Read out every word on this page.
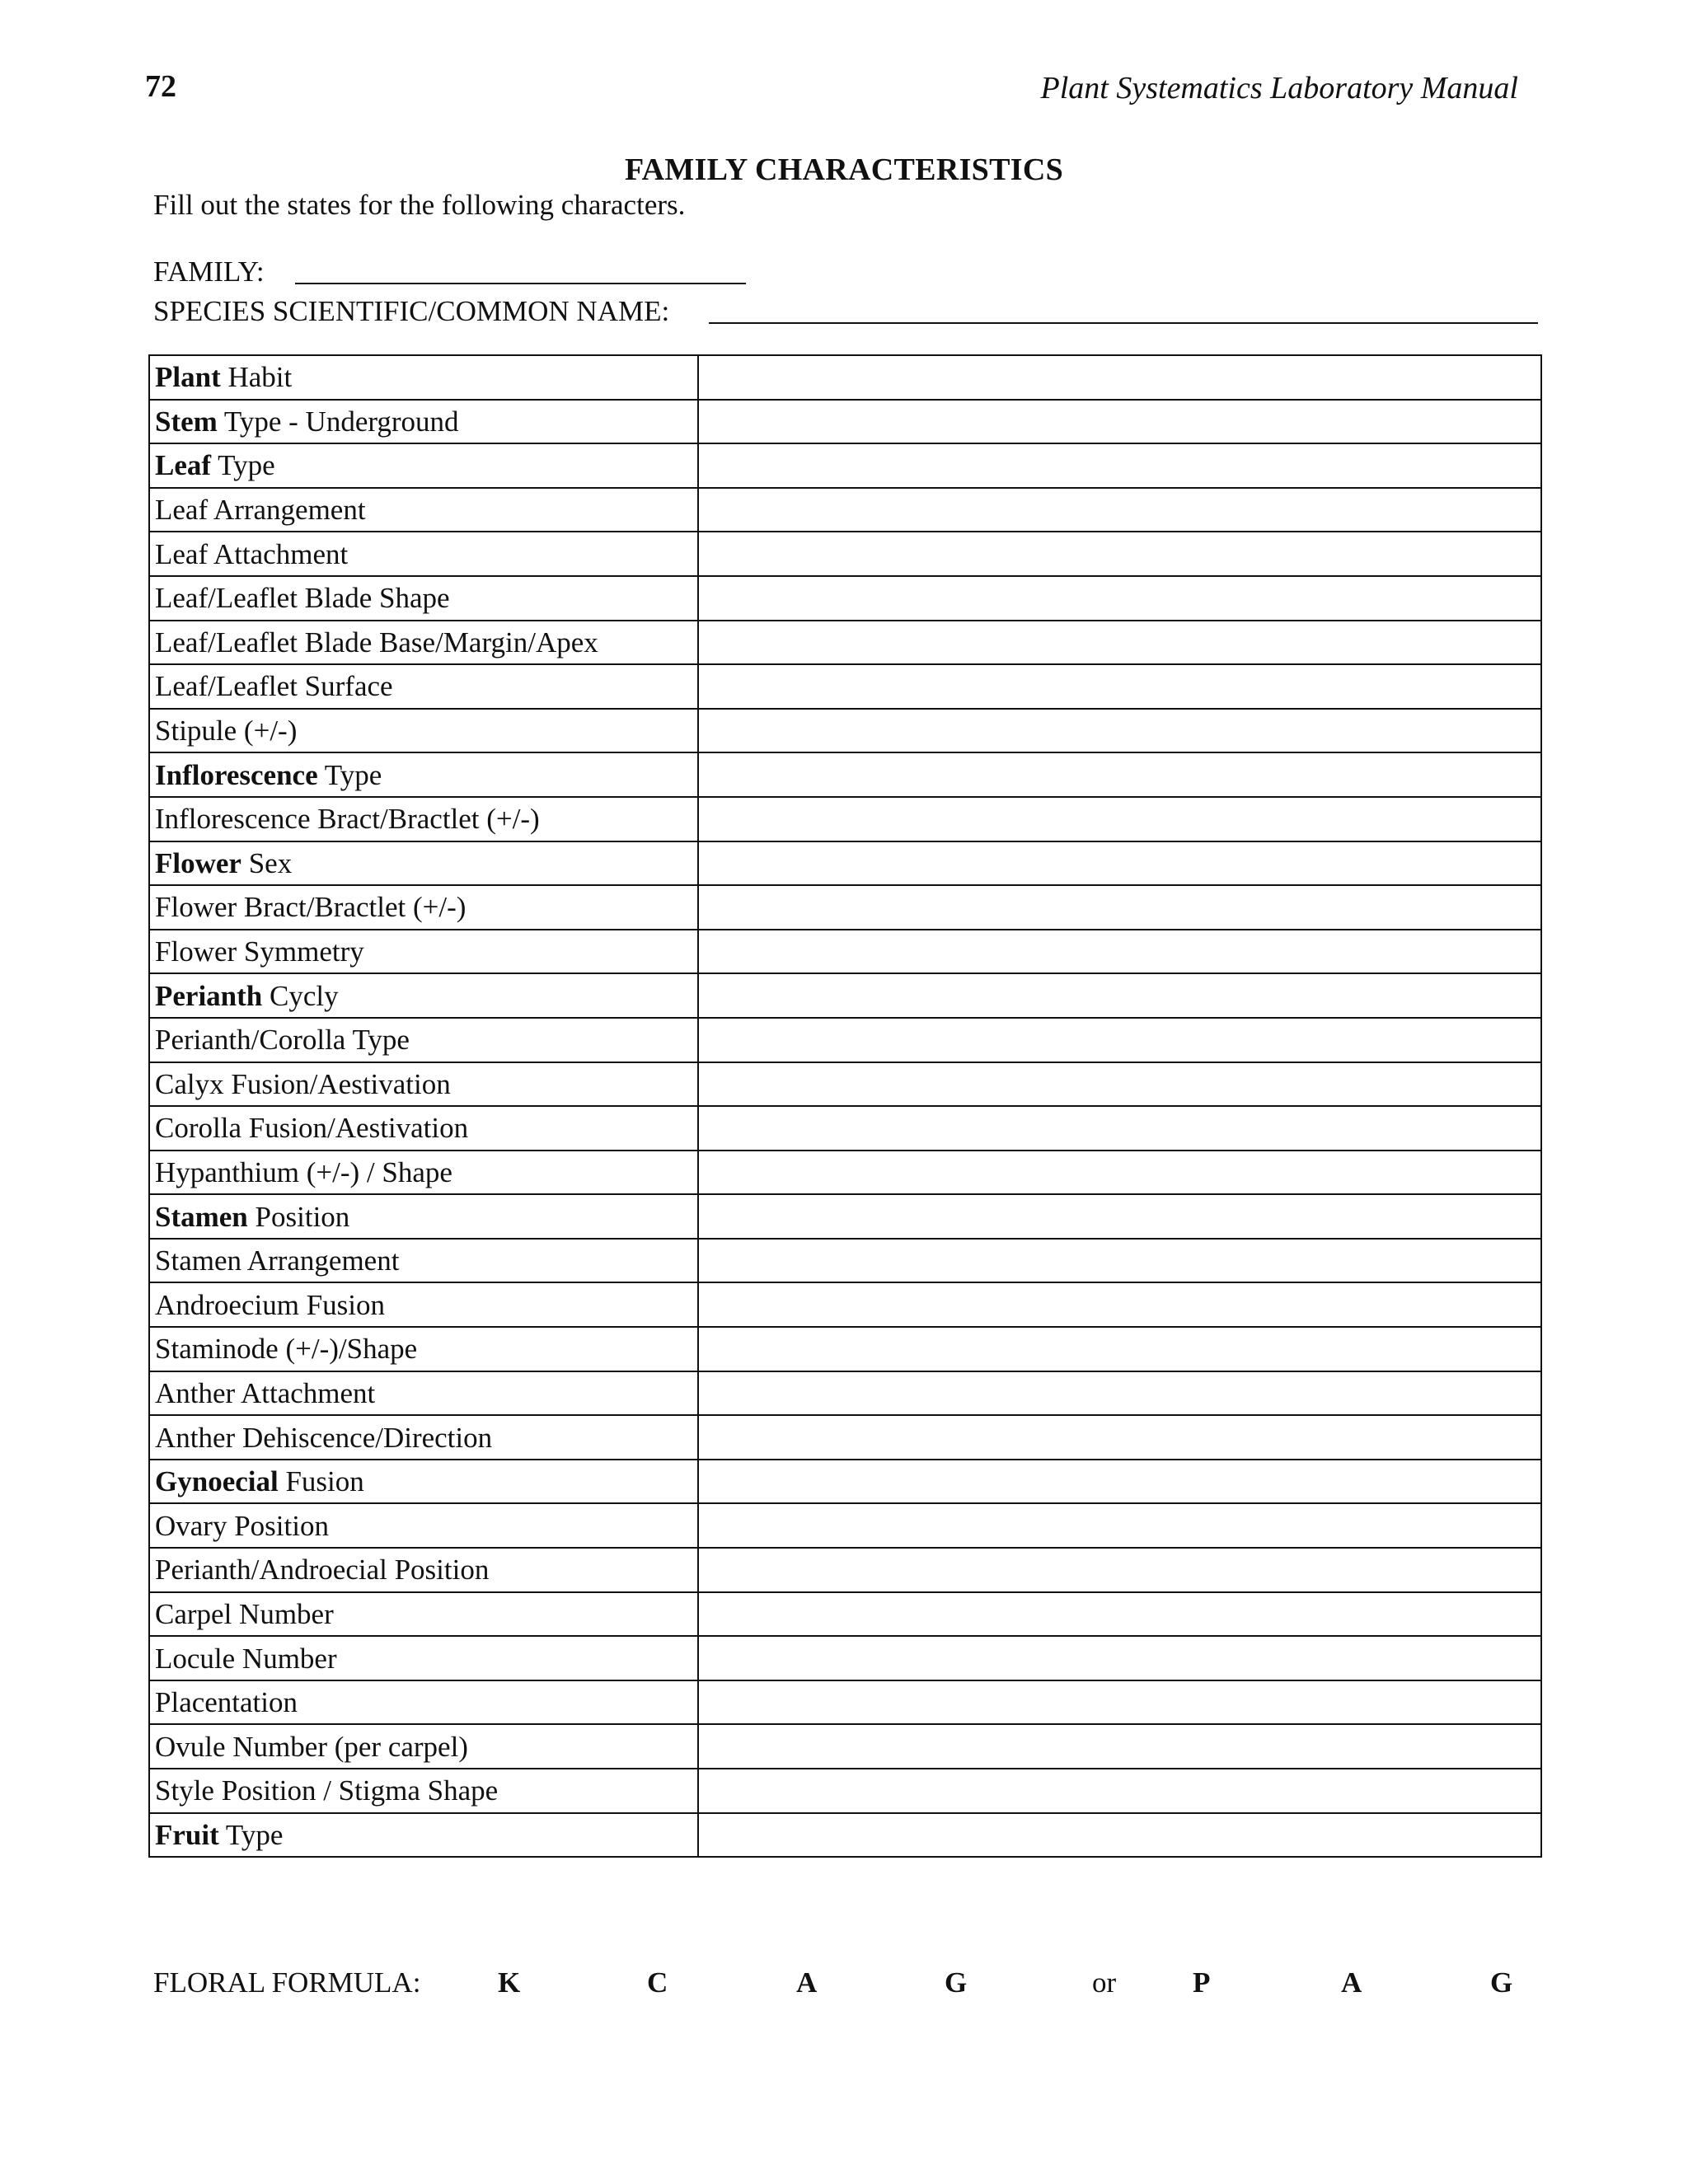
72	Plant Systematics Laboratory Manual
FAMILY CHARACTERISTICS
Fill out the states for the following characters.
FAMILY:
SPECIES SCIENTIFIC/COMMON NAME:
Plant Habit	
Stem Type - Underground	
Leaf Type	
Leaf Arrangement	
Leaf Attachment	
Leaf/Leaflet Blade Shape	
Leaf/Leaflet Blade Base/Margin/Apex	
Leaf/Leaflet Surface	
Stipule (+/-)	
Inflorescence Type	
Inflorescence Bract/Bractlet (+/-)	
Flower Sex	
Flower Bract/Bractlet (+/-)	
Flower Symmetry	
Perianth Cycly	
Perianth/Corolla Type	
Calyx Fusion/Aestivation	
Corolla Fusion/Aestivation	
Hypanthium (+/-) / Shape	
Stamen Position	
Stamen Arrangement	
Androecium Fusion	
Staminode (+/-)/Shape	
Anther Attachment	
Anther Dehiscence/Direction	
Gynoecial Fusion	
Ovary Position	
Perianth/Androecial Position	
Carpel Number	
Locule Number	
Placentation	
Ovule Number (per carpel)	
Style Position / Stigma Shape	
Fruit Type	
FLORAL FORMULA:	K	C	A	G	or	P	A	G
